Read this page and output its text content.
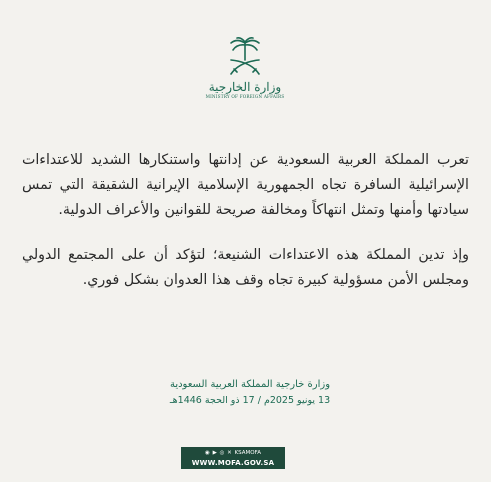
وزارة الخارجية
MINISTRY OF FOREIGN AFFAIRS

تعرب المملكة العربية السعودية عن إدانتها واستنكارها الشديد للاعتداءات الإسرائيلية السافرة تجاه الجمهورية الإسلامية الإيرانية الشقيقة التي تمس سيادتها وأمنها وتمثل انتهاكاً ومخالفة صريحة للقوانين والأعراف الدولية.

وإذ تدين المملكة هذه الاعتداءات الشنيعة؛ لتؤكد أن على المجتمع الدولي ومجلس الأمن مسؤولية كبيرة تجاه وقف هذا العدوان بشكل فوري.

وزارة خارجية المملكة العربية السعودية
13 يونيو 2025م / 17 ذو الحجة 1446هـ
◉ ▶ ◎ ✕ KSAMOFA
WWW.MOFA.GOV.SA
